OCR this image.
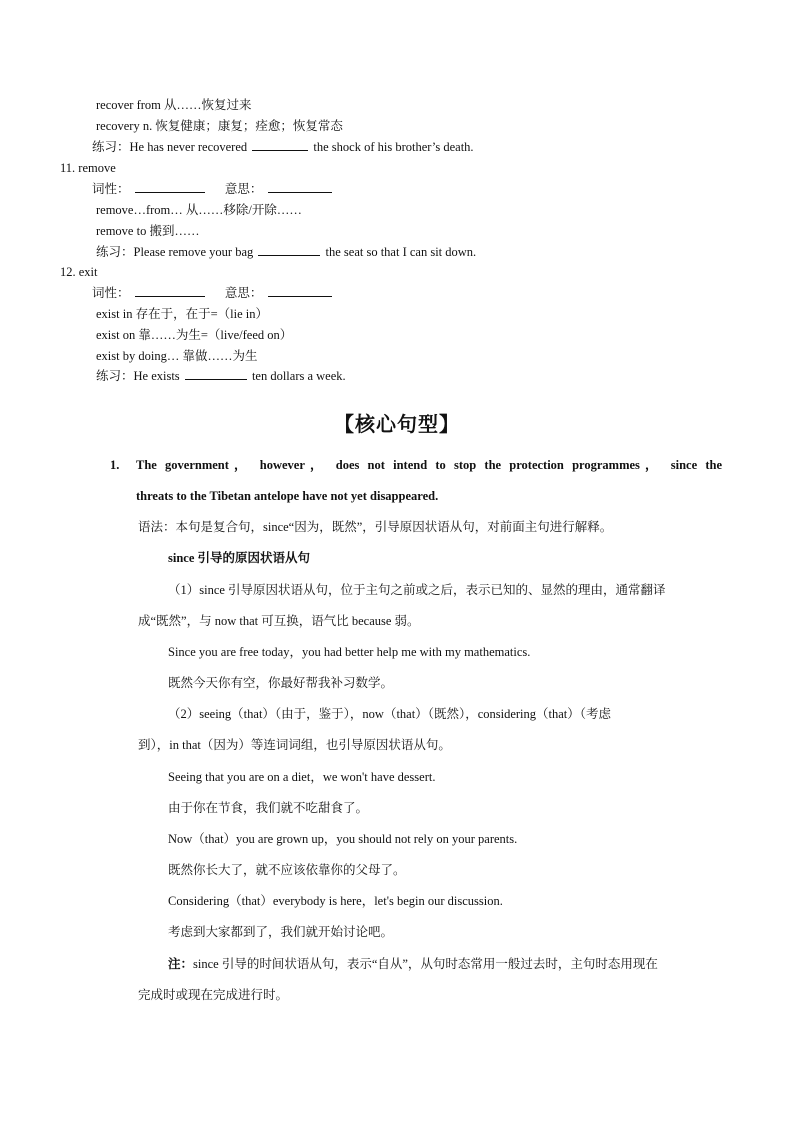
recover from 从……恢复过来
recovery n. 恢复健康；康复；痊愈；恢复常态
练习：He has never recovered	the shock of his brother’s death.
11. remove
词性：	意思：
remove…from… 从……移除/开除……
remove to 搬到……
练习：Please remove your bag	the seat so that I can sit down.
12. exit
词性：	意思：
exist in 存在于，在于=（lie in）
exist on 靠……为生=（live/feed on）
exist by doing… 靠做……为生
练习：He exists	ten dollars a week.
【核心句型】
1. The government， however， does not intend to stop the protection programmes， since the
threats to the Tibetan antelope have not yet disappeared.
语法：本句是复合句，since“因为，既然”，引导原因状语从句，对前面主句进行解释。
since 引导的原因状语从句
（1）since 引导原因状语从句，位于主句之前或之后，表示已知的、显然的理由，通常翻译
成“既然”，与 now that 可互换，语气比 because 弱。
Since you are free today，you had better help me with my mathematics.
既然今天你有空，你最好帮我补习数学。
（2）seeing（that）（由于，鉴于），now（that）（既然），considering（that）（考虑
到），in that（因为）等连词词组，也引导原因状语从句。
Seeing that you are on a diet，we won't have dessert.
由于你在节食，我们就不吃甜食了。
Now（that）you are grown up，you should not rely on your parents.
既然你长大了，就不应该依靠你的父母了。
Considering（that）everybody is here，let's begin our discussion.
考虑到大家都到了，我们就开始讨论吧。
注：since 引导的时间状语从句，表示“自从”，从句时态常用一般过去时，主句时态用现在
完成时或现在完成进行时。
